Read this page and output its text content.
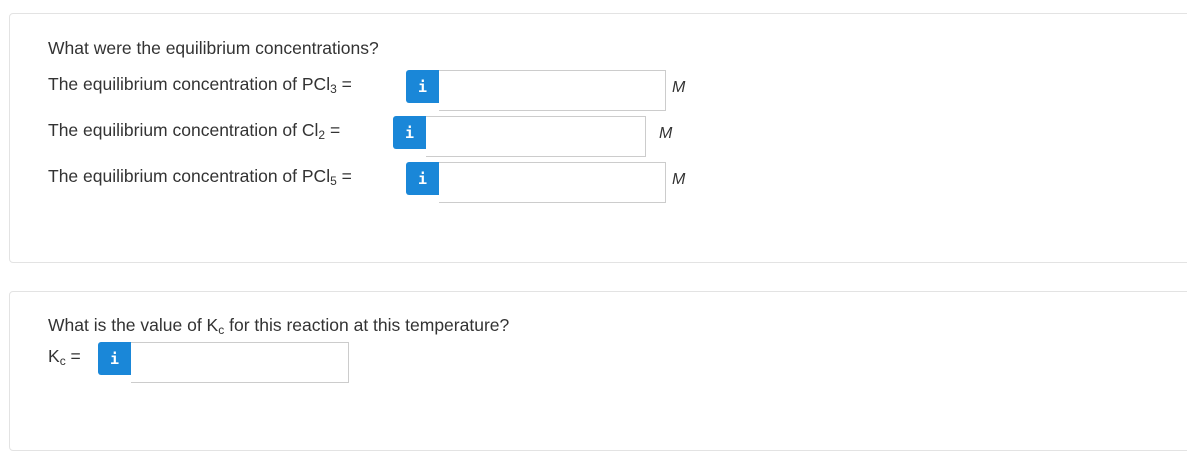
What were the equilibrium concentrations?
The equilibrium concentration of PCl$_3$ =	i	M
The equilibrium concentration of $Cl_2$ =	i	M
The equilibrium concentration of PCl$_5$ =	i	M
What is the value of $K_c$ for this reaction at this temperature?
$K_c = i$
